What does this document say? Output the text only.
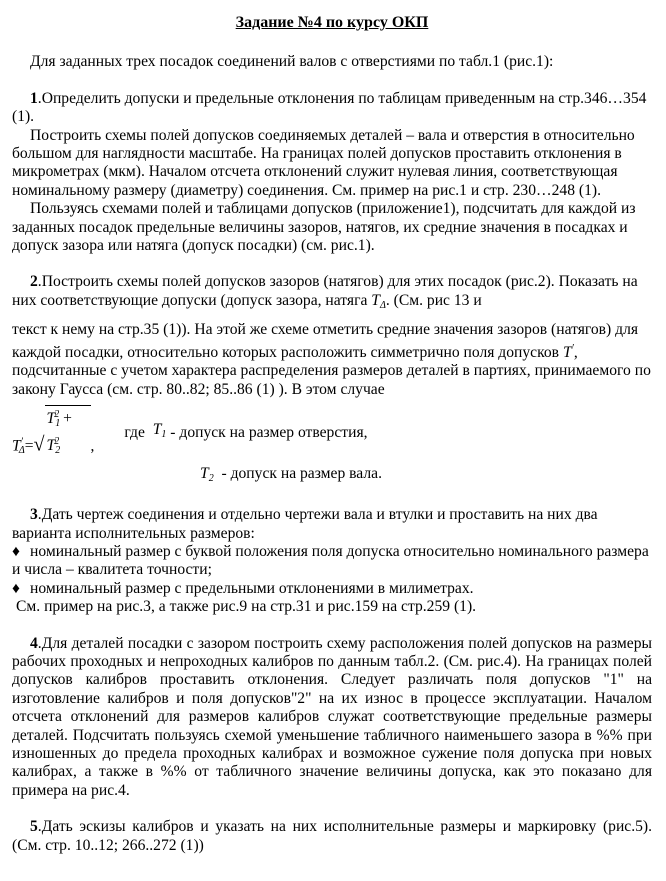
Задание №4 по курсу ОКП
Для заданных трех посадок соединений валов с отверстиями по табл.1 (рис.1):
1.Определить допуски и предельные отклонения по таблицам приведенным на стр.346…354 (1).
Построить схемы полей допусков соединяемых деталей – вала и отверстия в относительно большом для наглядности масштабе. На границах полей допусков проставить отклонения в микрометрах (мкм). Началом отсчета отклонений служит нулевая линия, соответствующая номинальному размеру (диаметру) соединения. См. пример на рис.1 и стр. 230…248 (1).
Пользуясь схемами полей и таблицами допусков (приложение1), подсчитать для каждой из заданных посадок предельные величины зазоров, натягов, их средние значения в посадках и допуск зазора или натяга (допуск посадки) (см. рис.1).
2.Построить схемы полей допусков зазоров (натягов) для этих посадок (рис.2). Показать на них соответствующие допуски (допуск зазора, натяга $T_\Delta$. (См. рис 13 и
текст к нему на стр.35 (1)). На этой же схеме отметить средние значения зазоров (натягов) для каждой посадки, относительно которых расположить симметрично поля допусков T′, подсчитанные с учетом характера распределения размеров деталей в партиях, принимаемого по закону Гаусса (см. стр. 80..82; 85..86 (1) ). В этом случае
$T'_\Delta=√T_1^2 + T_2^2$ ,
где
$T_1$
- допуск на размер отверстия,
$T_2$ - допуск на размер вала.
3.Дать чертеж соединения и отдельно чертежи вала и втулки и проставить на них два варианта исполнительных размеров:
♦ номинальный размер с буквой положения поля допуска относительно номинального размера и числа – квалитета точности;
♦ номинальный размер с предельными отклонениями в милиметрах.
См. пример на рис.3, а также рис.9 на стр.31 и рис.159 на стр.259 (1).
4.Для деталей посадки с зазором построить схему расположения полей допусков на размеры рабочих проходных и непроходных калибров по данным табл.2. (См. рис.4). На границах полей допусков калибров проставить отклонения. Следует различать поля допусков "1" на изготовление калибров и поля допусков"2" на их износ в процессе эксплуатации. Началом отсчета отклонений для размеров калибров служат соответствующие предельные размеры деталей. Подсчитать пользуясь схемой уменьшение табличного наименьшего зазора в %% при изношенных до предела проходных калибрах и возможное сужение поля допуска при новых калибрах, а также в %% от табличного значение величины допуска, как это показано для примера на рис.4.
5.Дать эскизы калибров и указать на них исполнительные размеры и маркировку (рис.5). (См. стр. 10..12; 266..272 (1))
